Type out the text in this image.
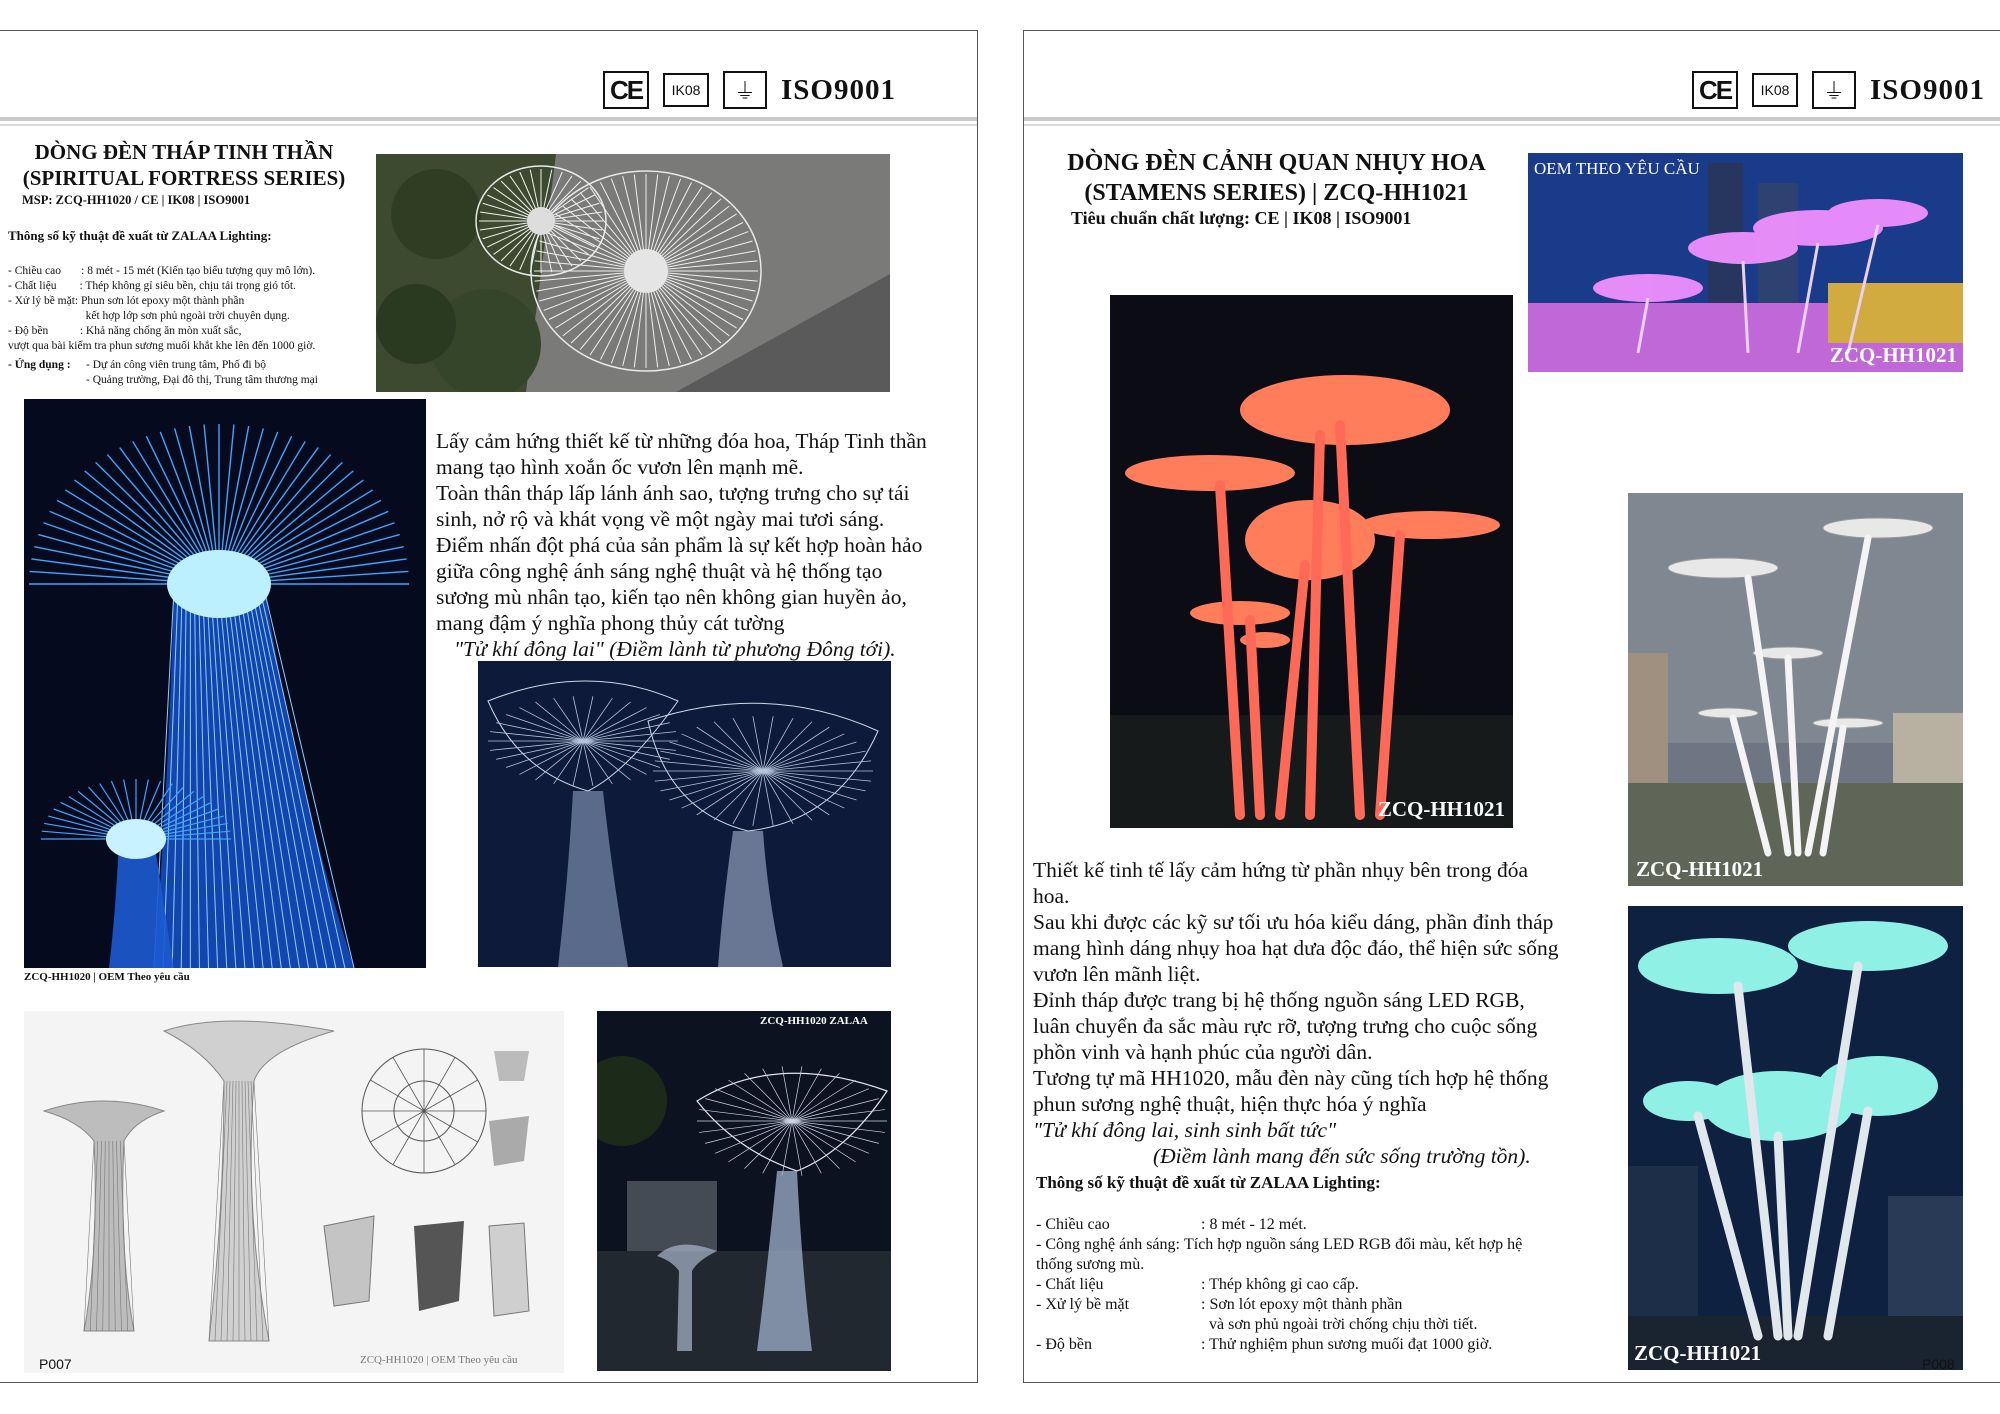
CE	IK08	⏚ ISO9001
DÒNG ĐÈN THÁP TINH THẦN
(SPIRITUAL FORTRESS SERIES)
MSP: ZCQ-HH1020 / CE | IK08 | ISO9001
Thông số kỹ thuật đề xuất từ ZALAA Lighting:
- Chiều cao       : 8 mét - 15 mét (Kiến tạo biểu tượng quy mô lớn).
- Chất liệu        : Thép không gỉ siêu bền, chịu tải trọng gió tốt.
- Xử lý bề mặt: Phun sơn lót epoxy một thành phần
kết hợp lớp sơn phủ ngoài trời chuyên dụng.
- Độ bền           : Khả năng chống ăn mòn xuất sắc,
vượt qua bài kiểm tra phun sương muối khắt khe lên đến 1000 giờ.
- Ứng dụng : - Dự án công viên trung tâm, Phố đi bộ
- Quảng trường, Đại đô thị, Trung tâm thương mại
ZCQ-HH1020 | OEM Theo yêu cầu
Lấy cảm hứng thiết kế từ những đóa hoa, Tháp Tinh thần
mang tạo hình xoắn ốc vươn lên mạnh mẽ.
Toàn thân tháp lấp lánh ánh sao, tượng trưng cho sự tái
sinh, nở rộ và khát vọng về một ngày mai tươi sáng.
Điểm nhấn đột phá của sản phẩm là sự kết hợp hoàn hảo
giữa công nghệ ánh sáng nghệ thuật và hệ thống tạo
sương mù nhân tạo, kiến tạo nên không gian huyền ảo,
mang đậm ý nghĩa phong thủy cát tường
"Tử khí đông lai" (Điềm lành từ phương Đông tới).
ZCQ-HH1020 | OEM Theo yêu cầu
ZCQ-HH1020 ZALAA
P007
CE	IK08	⏚ ISO9001
DÒNG ĐÈN CẢNH QUAN NHỤY HOA
(STAMENS SERIES) | ZCQ-HH1021
Tiêu chuẩn chất lượng: CE | IK08 | ISO9001
OEM THEO YÊU CẦU
ZCQ-HH1021
ZCQ-HH1021
ZCQ-HH1021
Thiết kế tinh tế lấy cảm hứng từ phần nhụy bên trong đóa
hoa.
Sau khi được các kỹ sư tối ưu hóa kiểu dáng, phần đỉnh tháp
mang hình dáng nhụy hoa hạt dưa độc đáo, thể hiện sức sống
vươn lên mãnh liệt.
Đỉnh tháp được trang bị hệ thống nguồn sáng LED RGB,
luân chuyển đa sắc màu rực rỡ, tượng trưng cho cuộc sống
phồn vinh và hạnh phúc của người dân.
Tương tự mã HH1020, mẫu đèn này cũng tích hợp hệ thống
phun sương nghệ thuật, hiện thực hóa ý nghĩa
"Tử khí đông lai, sinh sinh bất tức"
(Điềm lành mang đến sức sống trường tồn).
Thông số kỹ thuật đề xuất từ ZALAA Lighting:
- Chiều cao	: 8 mét - 12 mét.
- Công nghệ ánh sáng: Tích hợp nguồn sáng LED RGB đổi màu, kết hợp hệ
thống sương mù.
- Chất liệu	: Thép không gỉ cao cấp.
- Xử lý bề mặt	: Sơn lót epoxy một thành phần
và sơn phủ ngoài trời chống chịu thời tiết.
- Độ bền	: Thử nghiệm phun sương muối đạt 1000 giờ.	ZCQ-HH1021	P008
